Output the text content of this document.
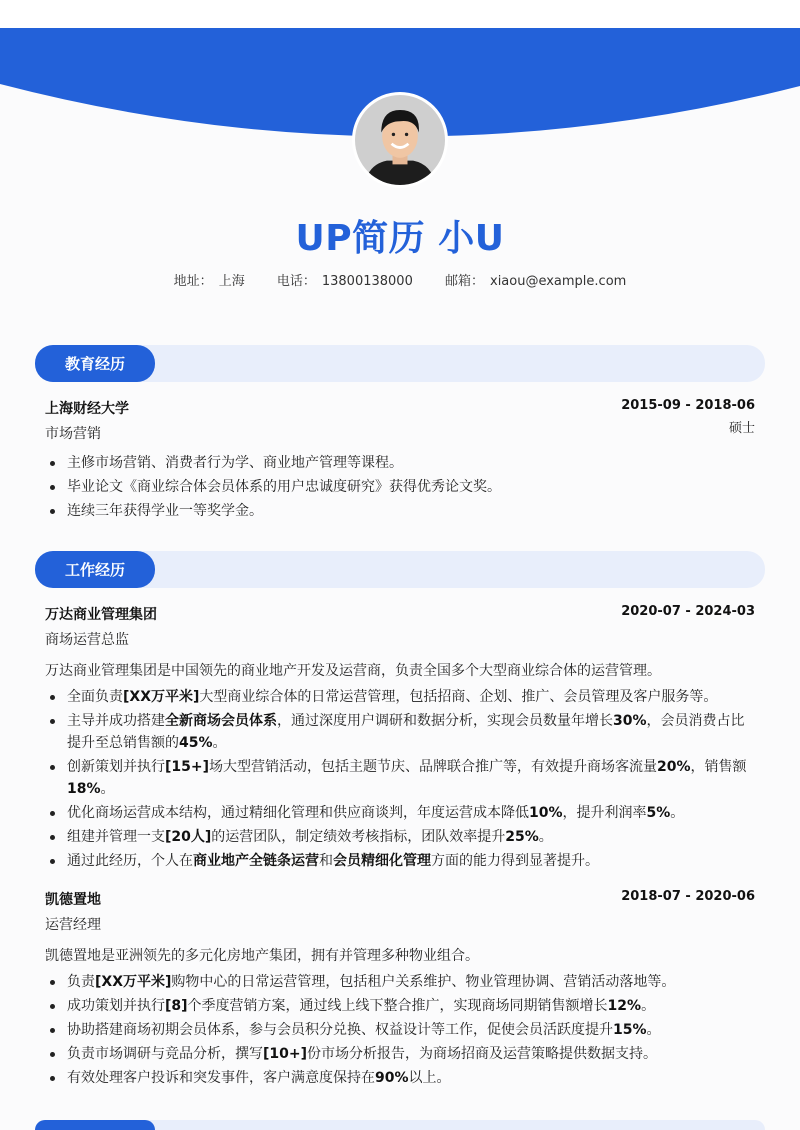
UP简历 小U
地址： 上海 电话： 13800138000 邮箱： xiaou@example.com
教育经历
上海财经大学	2015-09 - 2018-06
市场营销	硕士
主修市场营销、消费者行为学、商业地产管理等课程。
毕业论文《商业综合体会员体系的用户忠诚度研究》获得优秀论文奖。
连续三年获得学业一等奖学金。
工作经历
万达商业管理集团	2020-07 - 2024-03
商场运营总监
万达商业管理集团是中国领先的商业地产开发及运营商，负责全国多个大型商业综合体的运营管理。
全面负责[XX万平米]大型商业综合体的日常运营管理，包括招商、企划、推广、会员管理及客户服务等。
主导并成功搭建全新商场会员体系，通过深度用户调研和数据分析，实现会员数量年增长30%，会员消费占比提升至总销售额的45%。
创新策划并执行[15+]场大型营销活动，包括主题节庆、品牌联合推广等，有效提升商场客流量20%，销售额18%。
优化商场运营成本结构，通过精细化管理和供应商谈判，年度运营成本降低10%，提升利润率5%。
组建并管理一支[20人]的运营团队，制定绩效考核指标，团队效率提升25%。
通过此经历，个人在商业地产全链条运营和会员精细化管理方面的能力得到显著提升。
凯德置地	2018-07 - 2020-06
运营经理
凯德置地是亚洲领先的多元化房地产集团，拥有并管理多种物业组合。
负责[XX万平米]购物中心的日常运营管理，包括租户关系维护、物业管理协调、营销活动落地等。
成功策划并执行[8]个季度营销方案，通过线上线下整合推广，实现商场同期销售额增长12%。
协助搭建商场初期会员体系，参与会员积分兑换、权益设计等工作，促使会员活跃度提升15%。
负责市场调研与竞品分析，撰写[10+]份市场分析报告，为商场招商及运营策略提供数据支持。
有效处理客户投诉和突发事件，客户满意度保持在90%以上。
